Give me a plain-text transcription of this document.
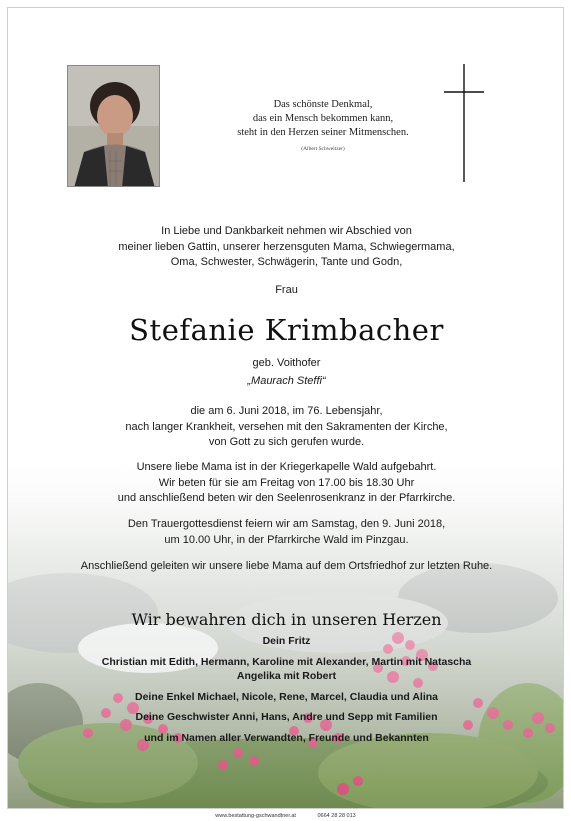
Das schönste Denkmal,
das ein Mensch bekommen kann,
steht in den Herzen seiner Mitmenschen.
(Albert Schweitzer)
In Liebe und Dankbarkeit nehmen wir Abschied von
meiner lieben Gattin, unserer herzensguten Mama, Schwiegermama,
Oma, Schwester, Schwägerin, Tante und Godn,
Frau
Stefanie Krimbacher
geb. Voithofer
„Maurach Steffi“
die am 6. Juni 2018, im 76. Lebensjahr,
nach langer Krankheit, versehen mit den Sakramenten der Kirche,
von Gott zu sich gerufen wurde.
Unsere liebe Mama ist in der Kriegerkapelle Wald aufgebahrt.
Wir beten für sie am Freitag von 17.00 bis 18.30 Uhr
und anschließend beten wir den Seelenrosenkranz in der Pfarrkirche.
Den Trauergottesdienst feiern wir am Samstag, den 9. Juni 2018,
um 10.00 Uhr, in der Pfarrkirche Wald im Pinzgau.
Anschließend geleiten wir unsere liebe Mama auf dem Ortsfriedhof zur letzten Ruhe.
Wir bewahren dich in unseren Herzen
Dein Fritz
Christian mit Edith, Hermann, Karoline mit Alexander, Martin mit Natascha
Angelika mit Robert
Deine Enkel Michael, Nicole, Rene, Marcel, Claudia und Alina
Deine Geschwister Anni, Hans, Andre und Sepp mit Familien
und im Namen aller Verwandten, Freunde und Bekannten
www.bestattung-gschwandtner.at	0664 28 28 013
